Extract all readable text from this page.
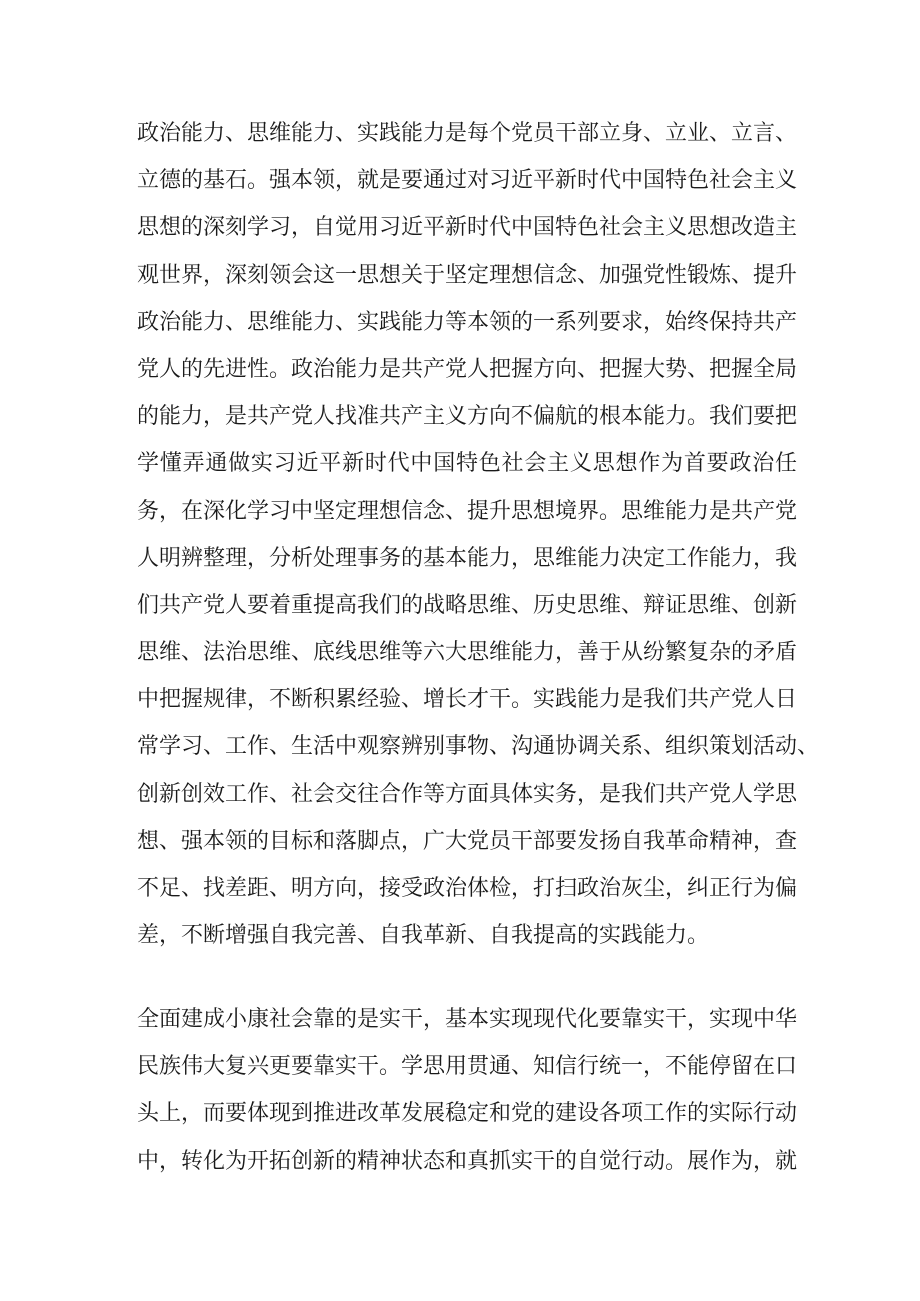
政治能力、思维能力、实践能力是每个党员干部立身、立业、立言、
立德的基石。强本领，就是要通过对习近平新时代中国特色社会主义
思想的深刻学习，自觉用习近平新时代中国特色社会主义思想改造主
观世界，深刻领会这一思想关于坚定理想信念、加强党性锻炼、提升
政治能力、思维能力、实践能力等本领的一系列要求，始终保持共产
党人的先进性。政治能力是共产党人把握方向、把握大势、把握全局
的能力，是共产党人找准共产主义方向不偏航的根本能力。我们要把
学懂弄通做实习近平新时代中国特色社会主义思想作为首要政治任
务，在深化学习中坚定理想信念、提升思想境界。思维能力是共产党
人明辨整理，分析处理事务的基本能力，思维能力决定工作能力，我
们共产党人要着重提高我们的战略思维、历史思维、辩证思维、创新
思维、法治思维、底线思维等六大思维能力，善于从纷繁复杂的矛盾
中把握规律，不断积累经验、增长才干。实践能力是我们共产党人日
常学习、工作、生活中观察辨别事物、沟通协调关系、组织策划活动、
创新创效工作、社会交往合作等方面具体实务，是我们共产党人学思
想、强本领的目标和落脚点，广大党员干部要发扬自我革命精神，查
不足、找差距、明方向，接受政治体检，打扫政治灰尘，纠正行为偏
差，不断增强自我完善、自我革新、自我提高的实践能力。
全面建成小康社会靠的是实干，基本实现现代化要靠实干，实现中华
民族伟大复兴更要靠实干。学思用贯通、知信行统一，不能停留在口
头上，而要体现到推进改革发展稳定和党的建设各项工作的实际行动
中，转化为开拓创新的精神状态和真抓实干的自觉行动。展作为，就
